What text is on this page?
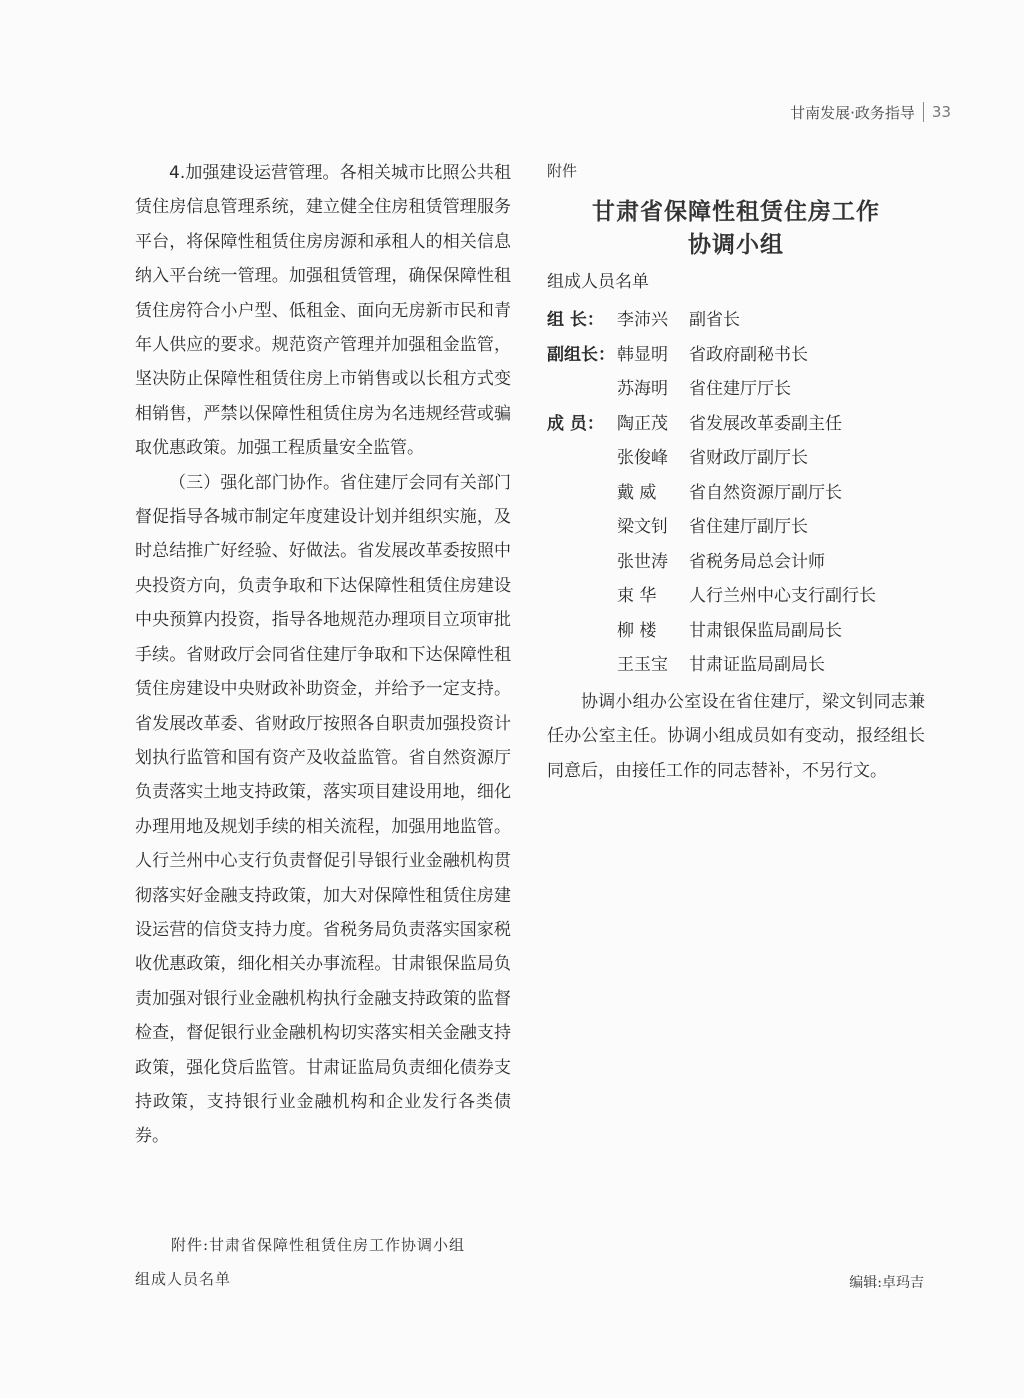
甘南发展·政务指导 33

4.加强建设运营管理。各相关城市比照公共租赁住房信息管理系统，建立健全住房租赁管理服务平台，将保障性租赁住房房源和承租人的相关信息纳入平台统一管理。加强租赁管理，确保保障性租赁住房符合小户型、低租金、面向无房新市民和青年人供应的要求。规范资产管理并加强租金监管，坚决防止保障性租赁住房上市销售或以长租方式变相销售，严禁以保障性租赁住房为名违规经营或骗取优惠政策。加强工程质量安全监管。

（三）强化部门协作。省住建厅会同有关部门督促指导各城市制定年度建设计划并组织实施，及时总结推广好经验、好做法。省发展改革委按照中央投资方向，负责争取和下达保障性租赁住房建设中央预算内投资，指导各地规范办理项目立项审批手续。省财政厅会同省住建厅争取和下达保障性租赁住房建设中央财政补助资金，并给予一定支持。省发展改革委、省财政厅按照各自职责加强投资计划执行监管和国有资产及收益监管。省自然资源厅负责落实土地支持政策，落实项目建设用地，细化办理用地及规划手续的相关流程，加强用地监管。人行兰州中心支行负责督促引导银行业金融机构贯彻落实好金融支持政策，加大对保障性租赁住房建设运营的信贷支持力度。省税务局负责落实国家税收优惠政策，细化相关办事流程。甘肃银保监局负责加强对银行业金融机构执行金融支持政策的监督检查，督促银行业金融机构切实落实相关金融支持政策，强化贷后监管。甘肃证监局负责细化债券支持政策，支持银行业金融机构和企业发行各类债券。

附件
甘肃省保障性租赁住房工作
协调小组
组成人员名单
组 长： 李沛兴	副省长
副组长： 韩显明	省政府副秘书长
苏海明	省住建厅厅长
成 员： 陶正茂	省发展改革委副主任
张俊峰	省财政厅副厅长
戴 威	省自然资源厅副厅长
梁文钊	省住建厅副厅长
张世涛	省税务局总会计师
束 华	人行兰州中心支行副行长
柳 楼	甘肃银保监局副局长
王玉宝	甘肃证监局副局长
协调小组办公室设在省住建厅，梁文钊同志兼任办公室主任。协调小组成员如有变动，报经组长同意后，由接任工作的同志替补，不另行文。
附件:甘肃省保障性租赁住房工作协调小组
组成人员名单	编辑:卓玛吉
